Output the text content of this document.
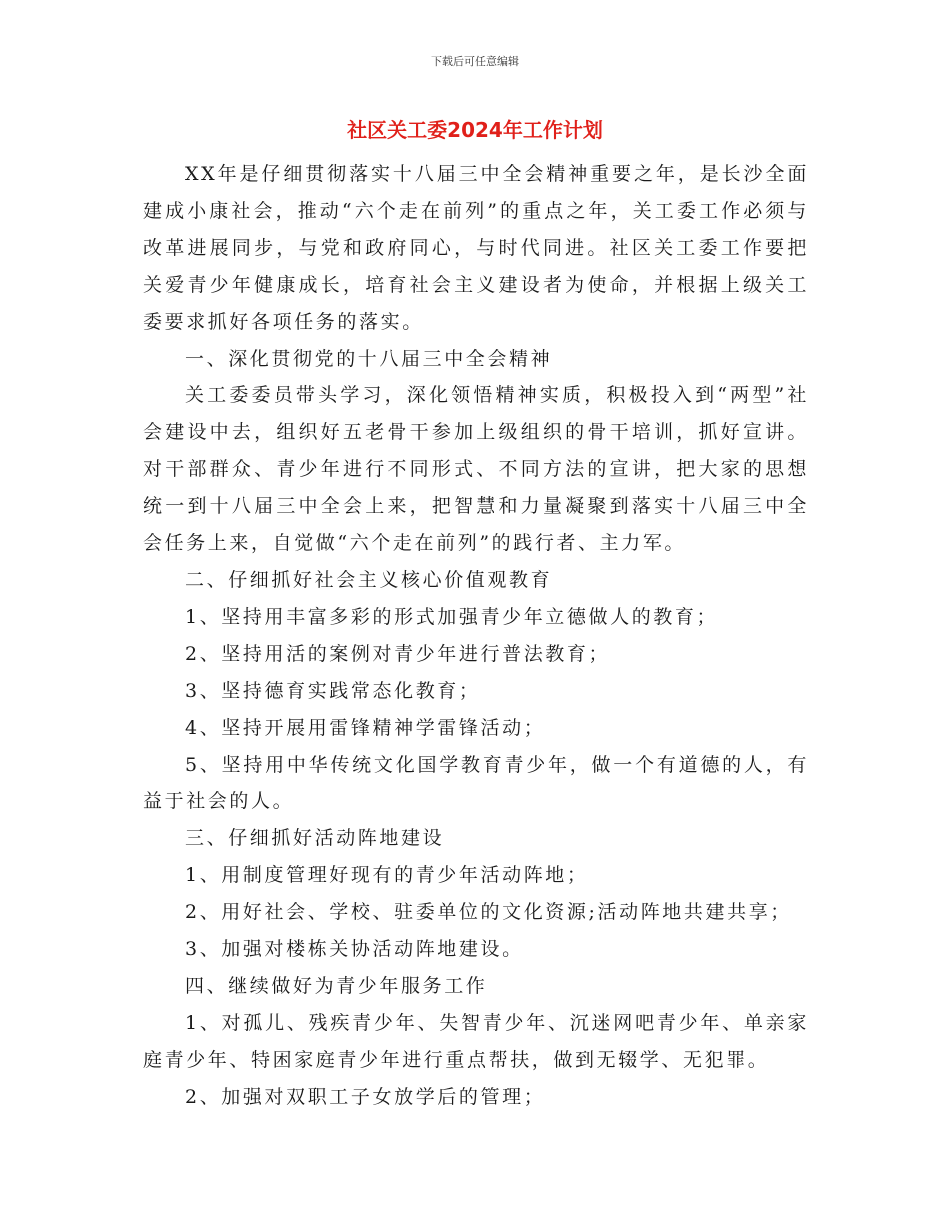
下载后可任意编辑
社区关工委2024年工作计划

XX年是仔细贯彻落实十八届三中全会精神重要之年，是长沙全面建成小康社会，推动“六个走在前列”的重点之年，关工委工作必须与改革进展同步，与党和政府同心，与时代同进。社区关工委工作要把关爱青少年健康成长，培育社会主义建设者为使命，并根据上级关工委要求抓好各项任务的落实。

一、深化贯彻党的十八届三中全会精神

关工委委员带头学习，深化领悟精神实质，积极投入到“两型”社会建设中去，组织好五老骨干参加上级组织的骨干培训，抓好宣讲。对干部群众、青少年进行不同形式、不同方法的宣讲，把大家的思想统一到十八届三中全会上来，把智慧和力量凝聚到落实十八届三中全会任务上来，自觉做“六个走在前列”的践行者、主力军。

二、仔细抓好社会主义核心价值观教育

1、坚持用丰富多彩的形式加强青少年立德做人的教育；

2、坚持用活的案例对青少年进行普法教育；

3、坚持德育实践常态化教育；

4、坚持开展用雷锋精神学雷锋活动；

5、坚持用中华传统文化国学教育青少年，做一个有道德的人，有益于社会的人。

三、仔细抓好活动阵地建设

1、用制度管理好现有的青少年活动阵地；

2、用好社会、学校、驻委单位的文化资源;活动阵地共建共享；

3、加强对楼栋关协活动阵地建设。

四、继续做好为青少年服务工作

1、对孤儿、残疾青少年、失智青少年、沉迷网吧青少年、单亲家庭青少年、特困家庭青少年进行重点帮扶，做到无辍学、无犯罪。

2、加强对双职工子女放学后的管理；
